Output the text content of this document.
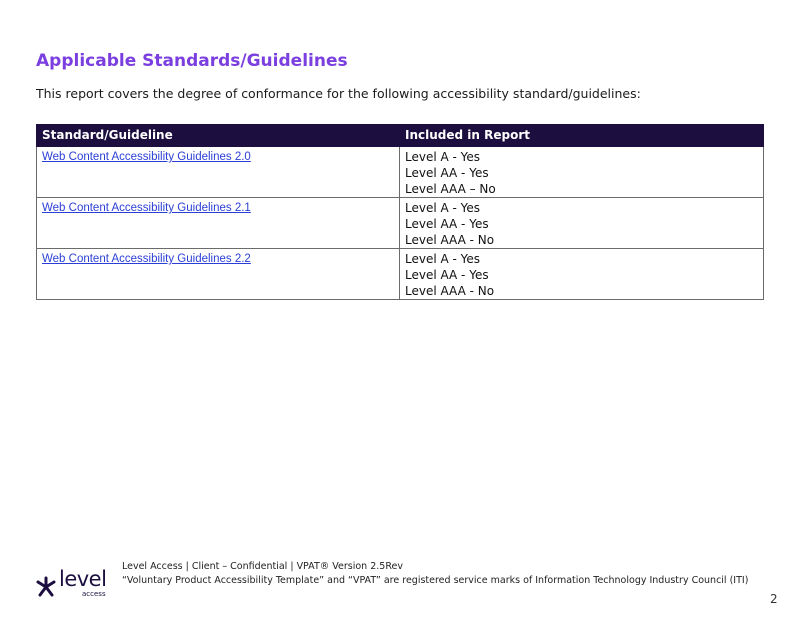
Applicable Standards/Guidelines
This report covers the degree of conformance for the following accessibility standard/guidelines:
Standard/Guideline	Included in Report
Web Content Accessibility Guidelines 2.0	Level A - Yes
Level AA - Yes
Level AAA – No

Web Content Accessibility Guidelines 2.1	Level A - Yes
Level AA - Yes
Level AAA - No

Web Content Accessibility Guidelines 2.2	Level A - Yes
Level AA - Yes
Level AAA - No
Level Access | Client – Confidential | VPAT® Version 2.5Rev
“Voluntary Product Accessibility Template” and “VPAT” are registered service marks of Information Technology Industry Council (ITI)
level
access	2
